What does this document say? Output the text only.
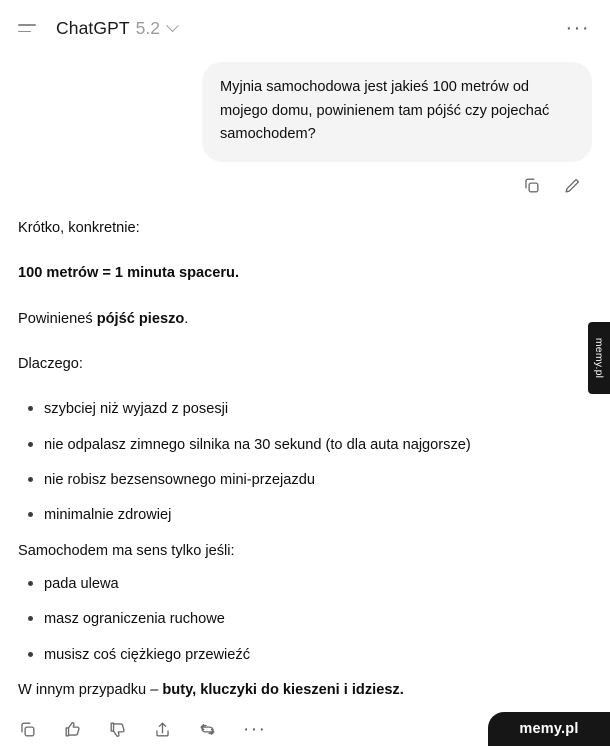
ChatGPT 5.2	···
Myjnia samochodowa jest jakieś 100 metrów od mojego domu, powinienem tam pójść czy pojechać samochodem?

Krótko, konkretnie:

100 metrów = 1 minuta spaceru.

Powinieneś pójść pieszo.

Dlaczego:

szybciej niż wyjazd z posesji
nie odpalasz zimnego silnika na 30 sekund (to dla auta najgorsze)
nie robisz bezsensownego mini-przejazdu
minimalnie zdrowiej

Samochodem ma sens tylko jeśli:

pada ulewa
masz ograniczenia ruchowe
musisz coś ciężkiego przewieźć

W innym przypadku – buty, kluczyki do kieszeni i idziesz.

···
memy.pl
memy.pl
